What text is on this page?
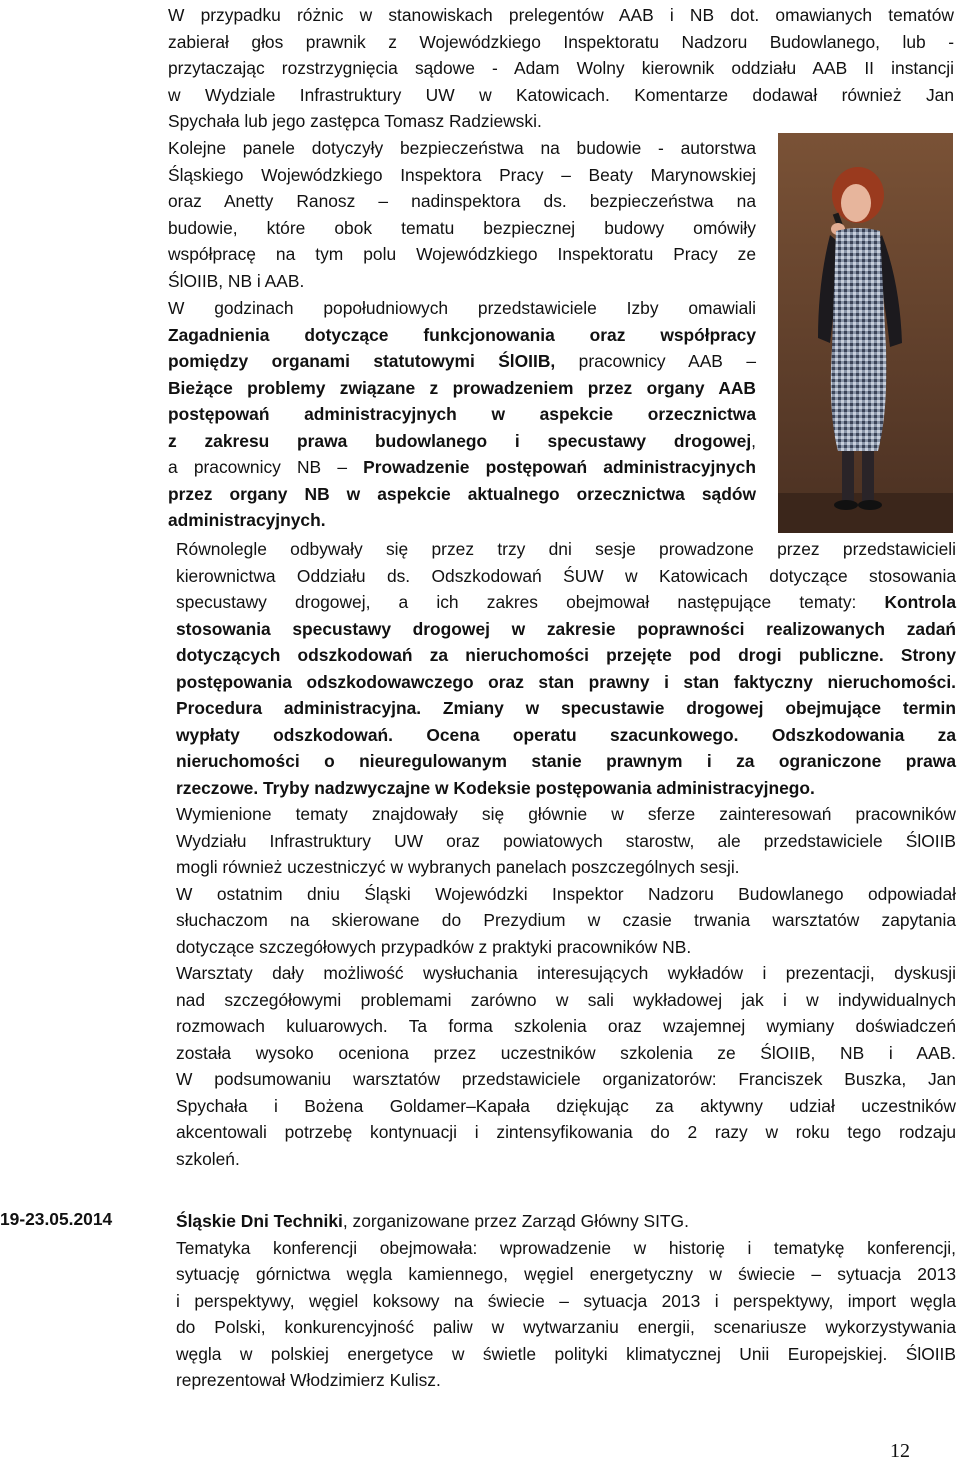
W przypadku różnic w stanowiskach prelegentów AAB i NB dot. omawianych tematów
zabierał głos prawnik z Wojewódzkiego Inspektoratu Nadzoru Budowlanego, lub -
przytaczając rozstrzygnięcia sądowe - Adam Wolny kierownik oddziału AAB II instancji
w Wydziale Infrastruktury UW w Katowicach. Komentarze dodawał również Jan
Spychała lub jego zastępca Tomasz Radziewski.
Kolejne panele dotyczyły bezpieczeństwa na budowie - autorstwa
Śląskiego Wojewódzkiego Inspektora Pracy – Beaty Marynowskiej
oraz Anetty Ranosz – nadinspektora ds. bezpieczeństwa na
budowie, które obok tematu bezpiecznej budowy omówiły
współpracę na tym polu Wojewódzkiego Inspektoratu Pracy ze
ŚlOIIB, NB i AAB.
W godzinach popołudniowych przedstawiciele Izby omawiali
Zagadnienia dotyczące funkcjonowania oraz współpracy
pomiędzy organami statutowymi ŚlOIIB, pracownicy AAB –
Bieżące problemy związane z prowadzeniem przez organy AAB
postępowań administracyjnych w aspekcie orzecznictwa
z zakresu prawa budowlanego i specustawy drogowej,
a pracownicy NB – Prowadzenie postępowań administracyjnych
przez organy NB w aspekcie aktualnego orzecznictwa sądów
administracyjnych.
Równolegle odbywały się przez trzy dni sesje prowadzone przez przedstawicieli
kierownictwa Oddziału ds. Odszkodowań ŚUW w Katowicach dotyczące stosowania
specustawy drogowej, a ich zakres obejmował następujące tematy: Kontrola
stosowania specustawy drogowej w zakresie poprawności realizowanych zadań
dotyczących odszkodowań za nieruchomości przejęte pod drogi publiczne. Strony
postępowania odszkodowawczego oraz stan prawny i stan faktyczny nieruchomości.
Procedura administracyjna. Zmiany w specustawie drogowej obejmujące termin
wypłaty odszkodowań. Ocena operatu szacunkowego. Odszkodowania za
nieruchomości o nieuregulowanym stanie prawnym i za ograniczone prawa
rzeczowe. Tryby nadzwyczajne w Kodeksie postępowania administracyjnego.
Wymienione tematy znajdowały się głównie w sferze zainteresowań pracowników
Wydziału Infrastruktury UW oraz powiatowych starostw, ale przedstawiciele ŚlOIIB
mogli również uczestniczyć w wybranych panelach poszczególnych sesji.
W ostatnim dniu Śląski Wojewódzki Inspektor Nadzoru Budowlanego odpowiadał
słuchaczom na skierowane do Prezydium w czasie trwania warsztatów zapytania
dotyczące szczegółowych przypadków z praktyki pracowników NB.
Warsztaty dały możliwość wysłuchania interesujących wykładów i prezentacji, dyskusji
nad szczegółowymi problemami zarówno w sali wykładowej jak i w indywidualnych
rozmowach kuluarowych. Ta forma szkolenia oraz wzajemnej wymiany doświadczeń
została wysoko oceniona przez uczestników szkolenia ze ŚlOIIB, NB i AAB.
W podsumowaniu warsztatów przedstawiciele organizatorów: Franciszek Buszka, Jan
Spychała i Bożena Goldamer–Kapała dziękując za aktywny udział uczestników
akcentowali potrzebę kontynuacji i zintensyfikowania do 2 razy w roku tego rodzaju
szkoleń.
19-23.05.2014	Śląskie Dni Techniki, zorganizowane przez Zarząd Główny SITG.
Tematyka konferencji obejmowała: wprowadzenie w historię i tematykę konferencji,
sytuację górnictwa węgla kamiennego, węgiel energetyczny w świecie – sytuacja 2013
i perspektywy, węgiel koksowy na świecie – sytuacja 2013 i perspektywy, import węgla
do Polski, konkurencyjność paliw w wytwarzaniu energii, scenariusze wykorzystywania
węgla w polskiej energetyce w świetle polityki klimatycznej Unii Europejskiej. ŚlOIIB
reprezentował Włodzimierz Kulisz.
12
